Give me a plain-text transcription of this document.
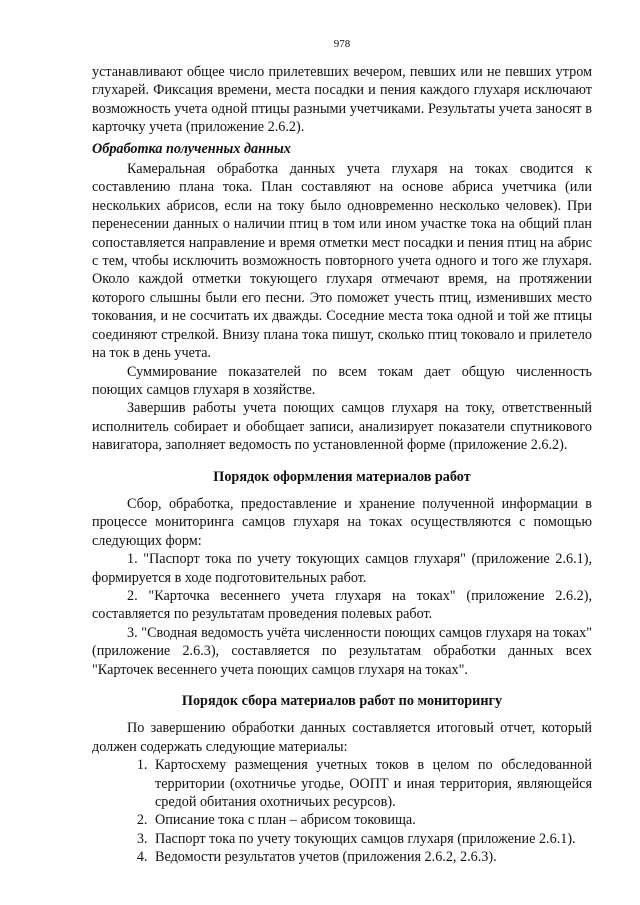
978

устанавливают общее число прилетевших вечером, певших или не певших утром глухарей. Фиксация времени, места посадки и пения каждого глухаря исключают возможность учета одной птицы разными учетчиками. Результаты учета заносят в карточку учета (приложение 2.6.2).

Обработка полученных данных

Камеральная обработка данных учета глухаря на токах сводится к составлению плана тока. План составляют на основе абриса учетчика (или нескольких абрисов, если на току было одновременно несколько человек). При перенесении данных о наличии птиц в том или ином участке тока на общий план сопоставляется направление и время отметки мест посадки и пения птиц на абрис с тем, чтобы исключить возможность повторного учета одного и того же глухаря. Около каждой отметки токующего глухаря отмечают время, на протяжении которого слышны были его песни. Это поможет учесть птиц, изменивших место токования, и не сосчитать их дважды. Соседние места тока одной и той же птицы соединяют стрелкой. Внизу плана тока пишут, сколько птиц токовало и прилетело на ток в день учета.

Суммирование показателей по всем токам дает общую численность поющих самцов глухаря в хозяйстве.

Завершив работы учета поющих самцов глухаря на току, ответственный исполнитель собирает и обобщает записи, анализирует показатели спутникового навигатора, заполняет ведомость по установленной форме (приложение 2.6.2).

Порядок оформления материалов работ

Сбор, обработка, предоставление и хранение полученной информации в процессе мониторинга самцов глухаря на токах осуществляются с помощью следующих форм:

1. "Паспорт тока по учету токующих самцов глухаря" (приложение 2.6.1), формируется в ходе подготовительных работ.

2. "Карточка весеннего учета глухаря на токах" (приложение 2.6.2), составляется по результатам проведения полевых работ.

3. "Сводная ведомость учёта численности поющих самцов глухаря на токах" (приложение 2.6.3), составляется по результатам обработки данных всех "Карточек весеннего учета поющих самцов глухаря на токах".

Порядок сбора материалов работ по мониторингу

По завершению обработки данных составляется итоговый отчет, который должен содержать следующие материалы:

1. Картосхему размещения учетных токов в целом по обследованной территории (охотничье угодье, ООПТ и иная территория, являющейся средой обитания охотничьих ресурсов).
2. Описание тока с план – абрисом токовища.
3. Паспорт тока по учету токующих самцов глухаря (приложение 2.6.1).
4. Ведомости результатов учетов (приложения 2.6.2, 2.6.3).
